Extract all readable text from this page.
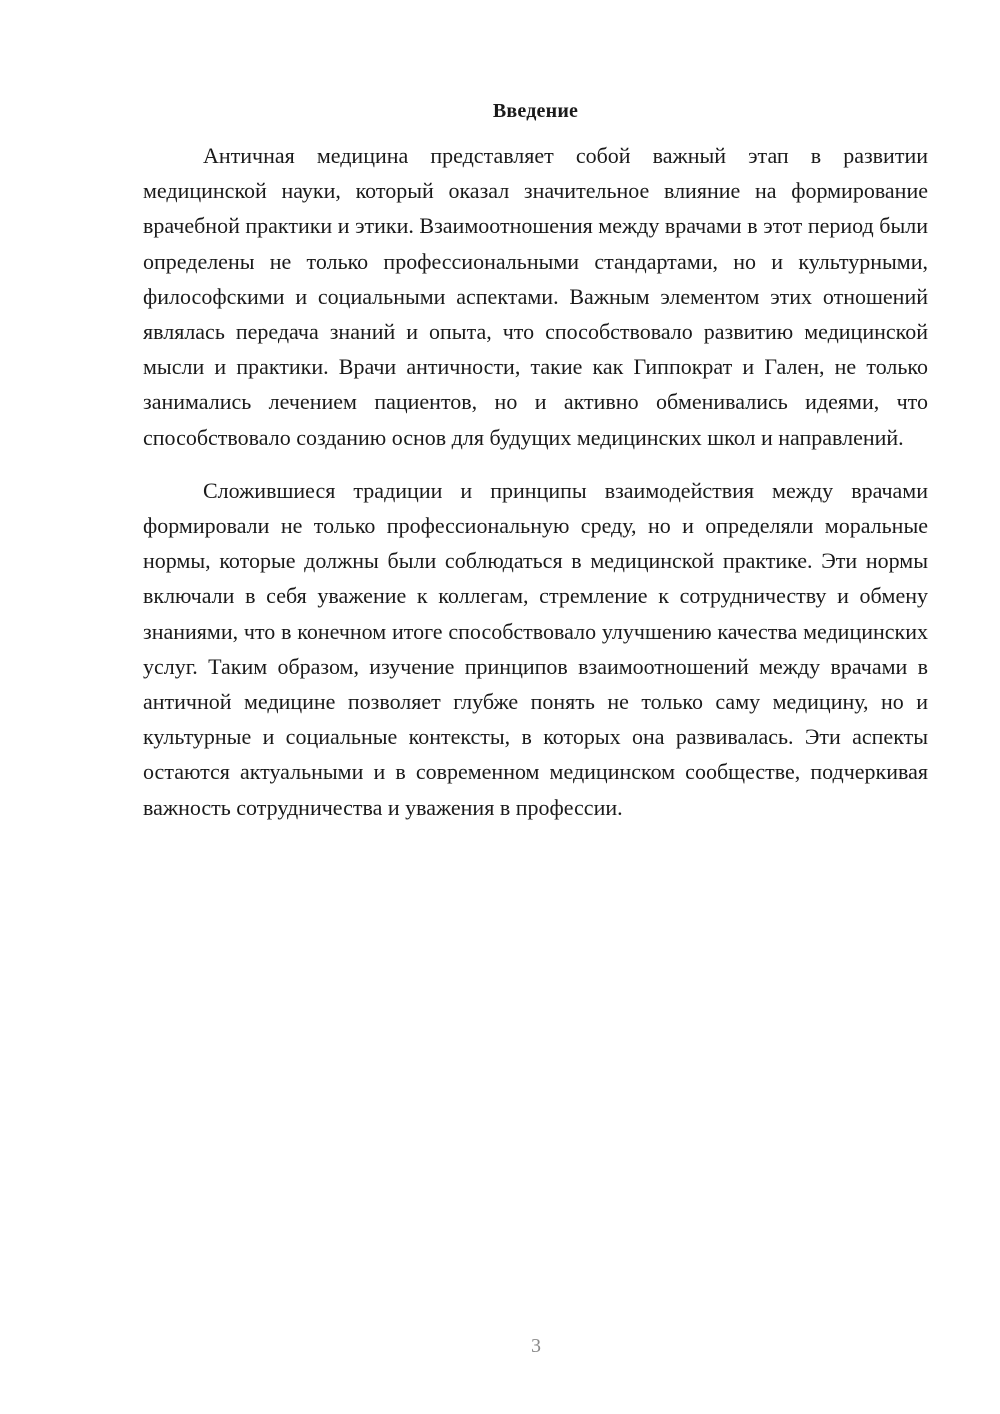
Введение

Античная медицина представляет собой важный этап в развитии медицинской науки, который оказал значительное влияние на формирование врачебной практики и этики. Взаимоотношения между врачами в этот период были определены не только профессиональными стандартами, но и культурными, философскими и социальными аспектами. Важным элементом этих отношений являлась передача знаний и опыта, что способствовало развитию медицинской мысли и практики. Врачи античности, такие как Гиппократ и Гален, не только занимались лечением пациентов, но и активно обменивались идеями, что способствовало созданию основ для будущих медицинских школ и направлений.

Сложившиеся традиции и принципы взаимодействия между врачами формировали не только профессиональную среду, но и определяли моральные нормы, которые должны были соблюдаться в медицинской практике. Эти нормы включали в себя уважение к коллегам, стремление к сотрудничеству и обмену знаниями, что в конечном итоге способствовало улучшению качества медицинских услуг. Таким образом, изучение принципов взаимоотношений между врачами в античной медицине позволяет глубже понять не только саму медицину, но и культурные и социальные контексты, в которых она развивалась. Эти аспекты остаются актуальными и в современном медицинском сообществе, подчеркивая важность сотрудничества и уважения в профессии.

3
